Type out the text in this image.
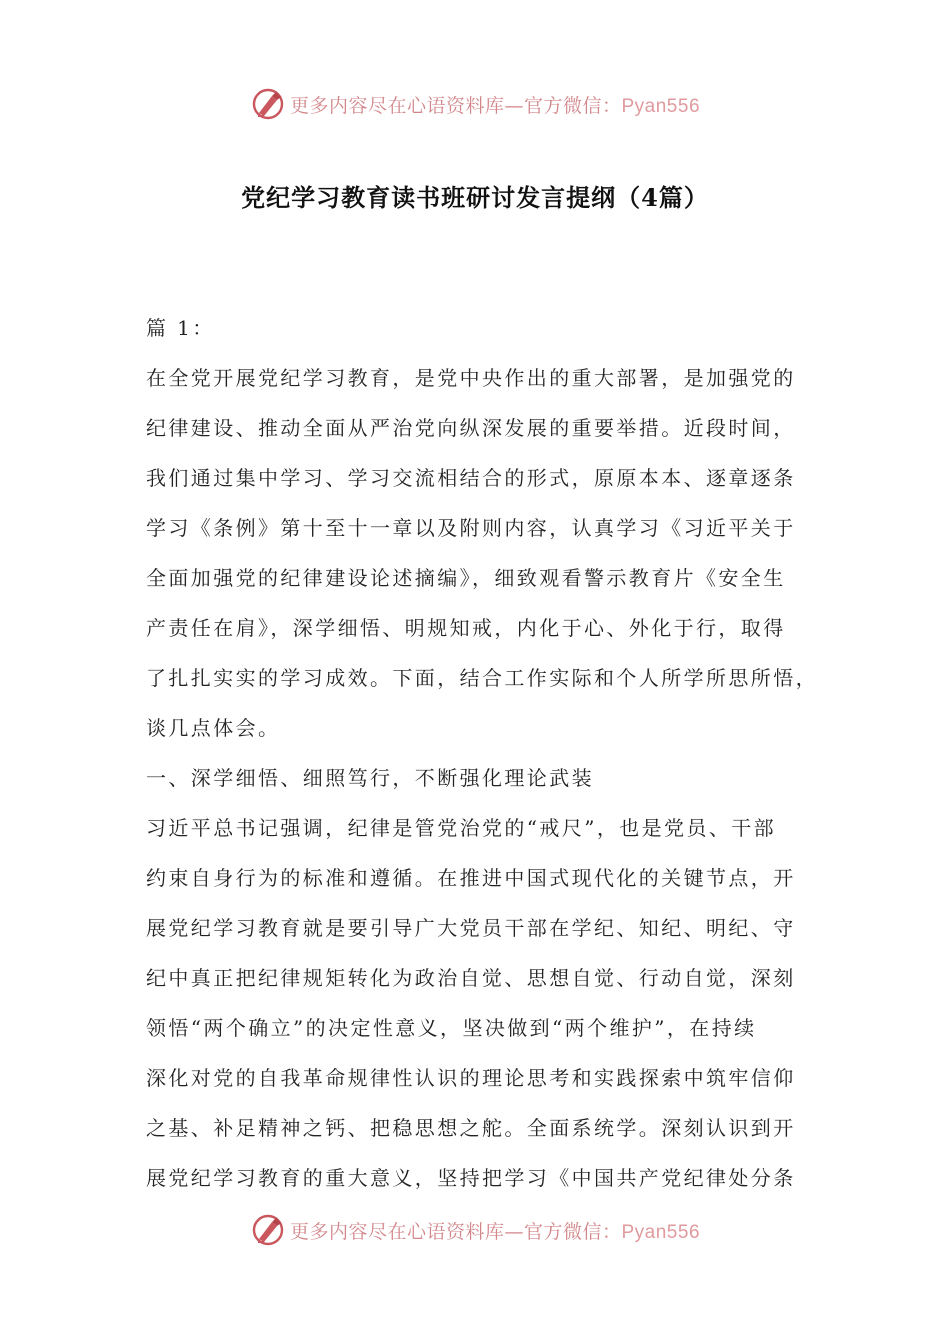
更多内容尽在心语资料库—官方微信：Pyan556
党纪学习教育读书班研讨发言提纲（4篇）
篇 1：
在全党开展党纪学习教育，是党中央作出的重大部署，是加强党的
纪律建设、推动全面从严治党向纵深发展的重要举措。近段时间，
我们通过集中学习、学习交流相结合的形式，原原本本、逐章逐条
学习《条例》第十至十一章以及附则内容，认真学习《习近平关于
全面加强党的纪律建设论述摘编》，细致观看警示教育片《安全生
产责任在肩》，深学细悟、明规知戒，内化于心、外化于行，取得
了扎扎实实的学习成效。下面，结合工作实际和个人所学所思所悟，
谈几点体会。
一、深学细悟、细照笃行，不断强化理论武装
习近平总书记强调，纪律是管党治党的“戒尺”，也是党员、干部
约束自身行为的标准和遵循。在推进中国式现代化的关键节点，开
展党纪学习教育就是要引导广大党员干部在学纪、知纪、明纪、守
纪中真正把纪律规矩转化为政治自觉、思想自觉、行动自觉，深刻
领悟“两个确立”的决定性意义，坚决做到“两个维护”，在持续
深化对党的自我革命规律性认识的理论思考和实践探索中筑牢信仰
之基、补足精神之钙、把稳思想之舵。全面系统学。深刻认识到开
展党纪学习教育的重大意义，坚持把学习《中国共产党纪律处分条
更多内容尽在心语资料库—官方微信：Pyan556
